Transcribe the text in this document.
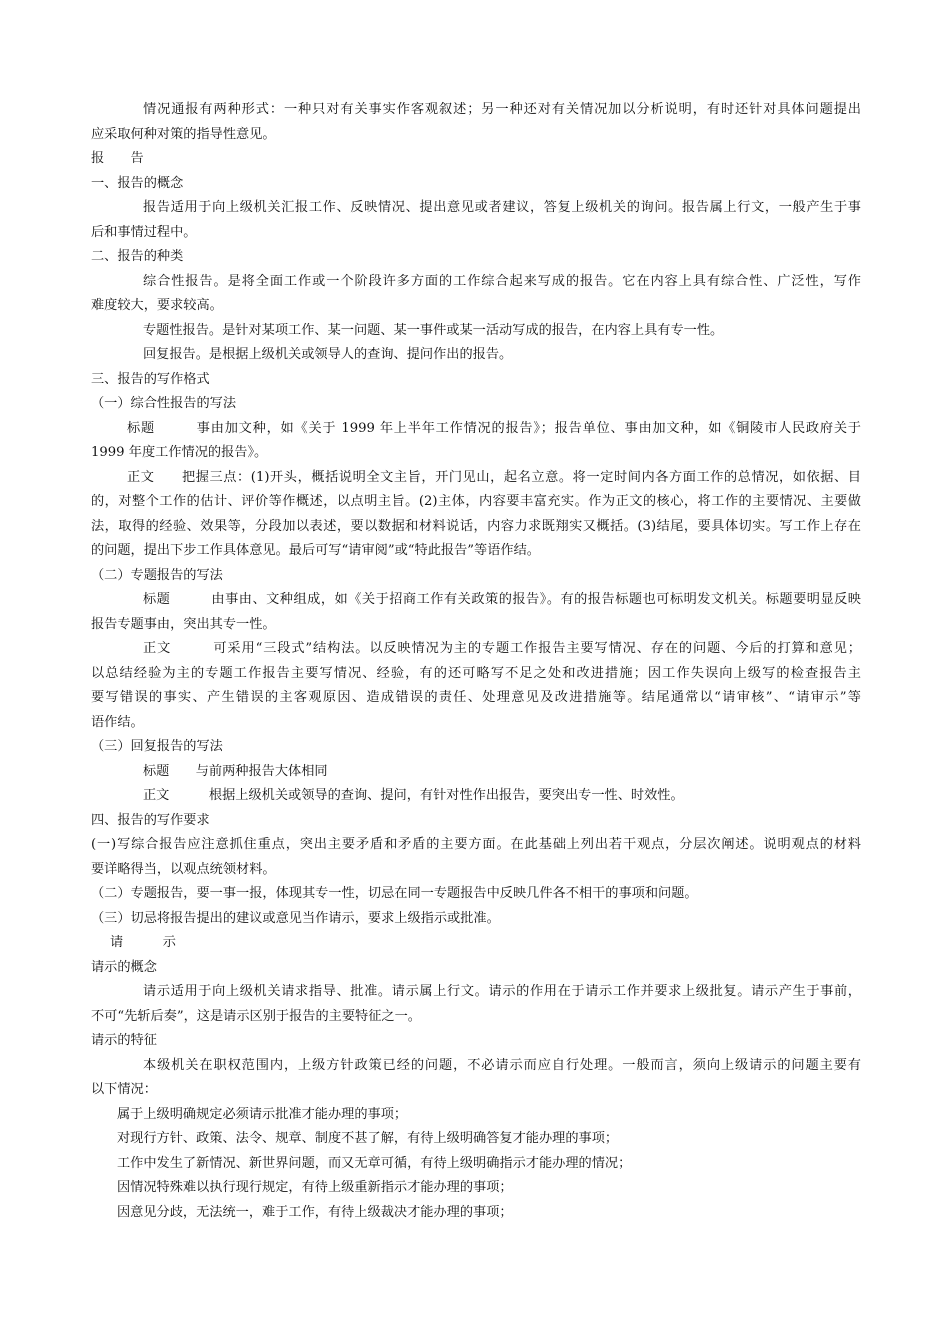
情况通报有两种形式：一种只对有关事实作客观叙述；另一种还对有关情况加以分析说明，有时还针对具体问题提出
应采取何种对策的指导性意见。
报　　告
一、报告的概念
报告适用于向上级机关汇报工作、反映情况、提出意见或者建议，答复上级机关的询问。报告属上行文，一般产生于事
后和事情过程中。
二、报告的种类
综合性报告。是将全面工作或一个阶段许多方面的工作综合起来写成的报告。它在内容上具有综合性、广泛性，写作
难度较大，要求较高。
专题性报告。是针对某项工作、某一问题、某一事件或某一活动写成的报告，在内容上具有专一性。
回复报告。是根据上级机关或领导人的查询、提问作出的报告。
三、报告的写作格式
（一）综合性报告的写法
标题　　　事由加文种，如《关于 1999 年上半年工作情况的报告》；报告单位、事由加文种，如《铜陵市人民政府关于
1999 年度工作情况的报告》。
正文　　把握三点：(1)开头，概括说明全文主旨，开门见山，起名立意。将一定时间内各方面工作的总情况，如依据、目
的，对整个工作的估计、评价等作概述，以点明主旨。(2)主体，内容要丰富充实。作为正文的核心，将工作的主要情况、主要做
法，取得的经验、效果等，分段加以表述，要以数据和材料说话，内容力求既翔实又概括。(3)结尾，要具体切实。写工作上存在
的问题，提出下步工作具体意见。最后可写“请审阅”或“特此报告”等语作结。
（二）专题报告的写法
标题　　　由事由、文种组成，如《关于招商工作有关政策的报告》。有的报告标题也可标明发文机关。标题要明显反映
报告专题事由，突出其专一性。
正文　　　可采用“三段式”结构法。以反映情况为主的专题工作报告主要写情况、存在的问题、今后的打算和意见；
以总结经验为主的专题工作报告主要写情况、经验，有的还可略写不足之处和改进措施；因工作失误向上级写的检查报告主
要写错误的事实、产生错误的主客观原因、造成错误的责任、处理意见及改进措施等。结尾通常以“请审核”、“请审示”等
语作结。
（三）回复报告的写法
标题　　与前两种报告大体相同
正文　　　根据上级机关或领导的查询、提问，有针对性作出报告，要突出专一性、时效性。
四、报告的写作要求
(一)写综合报告应注意抓住重点，突出主要矛盾和矛盾的主要方面。在此基础上列出若干观点，分层次阐述。说明观点的材料
要详略得当，以观点统领材料。
（二）专题报告，要一事一报，体现其专一性，切忌在同一专题报告中反映几件各不相干的事项和问题。
（三）切忌将报告提出的建议或意见当作请示，要求上级指示或批准。
请　　　示
请示的概念
请示适用于向上级机关请求指导、批准。请示属上行文。请示的作用在于请示工作并要求上级批复。请示产生于事前，
不可“先斩后奏”，这是请示区别于报告的主要特征之一。
请示的特征
本级机关在职权范围内，上级方针政策已经的问题，不必请示而应自行处理。一般而言，须向上级请示的问题主要有
以下情况：
属于上级明确规定必须请示批准才能办理的事项；
对现行方针、政策、法令、规章、制度不甚了解，有待上级明确答复才能办理的事项；
工作中发生了新情况、新世界问题，而又无章可循，有待上级明确指示才能办理的情况；
因情况特殊难以执行现行规定，有待上级重新指示才能办理的事项；
因意见分歧，无法统一，难于工作，有待上级裁决才能办理的事项；
